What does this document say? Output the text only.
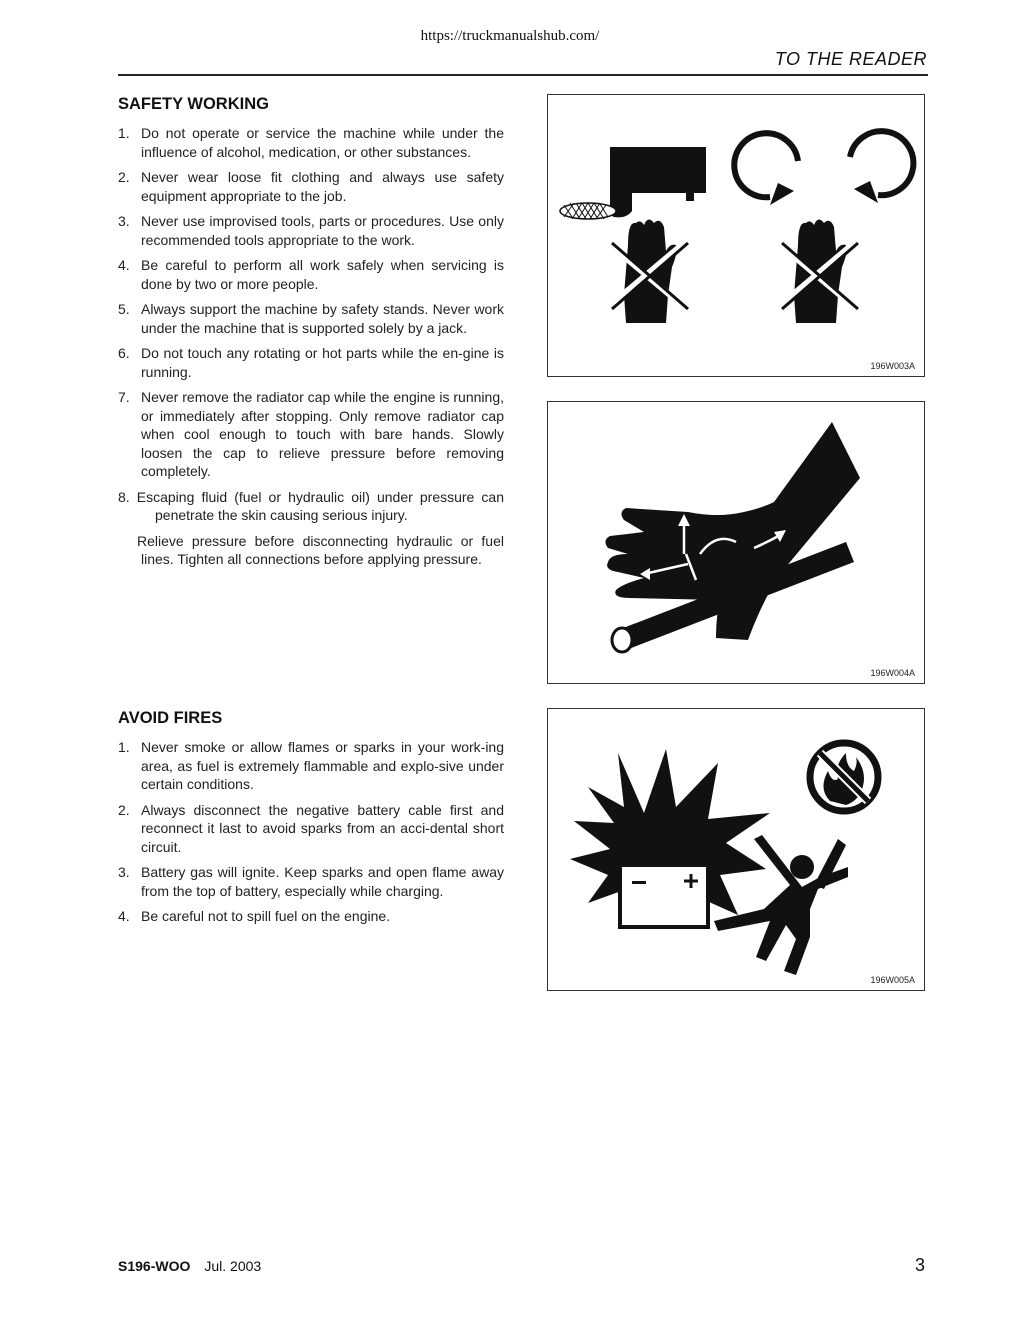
https://truckmanualshub.com/
TO THE READER
SAFETY WORKING
1. Do not operate or service the machine while under the influence of alcohol, medication, or other substances.
2. Never wear loose fit clothing and always use safety equipment appropriate to the job.
3. Never use improvised tools, parts or procedures. Use only recommended tools appropriate to the work.
4. Be careful to perform all work safely when servicing is done by two or more people.
5. Always support the machine by safety stands. Never work under the machine that is supported solely by a jack.
6. Do not touch any rotating or hot parts while the en-gine is running.
7. Never remove the radiator cap while the engine is running, or immediately after stopping. Only remove radiator cap when cool enough to touch with bare hands. Slowly loosen the cap to relieve pressure before removing completely.
8. Escaping fluid (fuel or hydraulic oil) under pressure can penetrate the skin causing serious injury.
Relieve pressure before disconnecting hydraulic or fuel lines. Tighten all connections before applying pressure.
AVOID FIRES
1. Never smoke or allow flames or sparks in your work-ing area, as fuel is extremely flammable and explo-sive under certain conditions.
2. Always disconnect the negative battery cable first and reconnect it last to avoid sparks from an acci-dental short circuit.
3. Battery gas will ignite. Keep sparks and open flame away from the top of battery, especially while charging.
4. Be careful not to spill fuel on the engine.
196W003A
196W004A
196W005A
S196-WOO Jul. 2003	3
